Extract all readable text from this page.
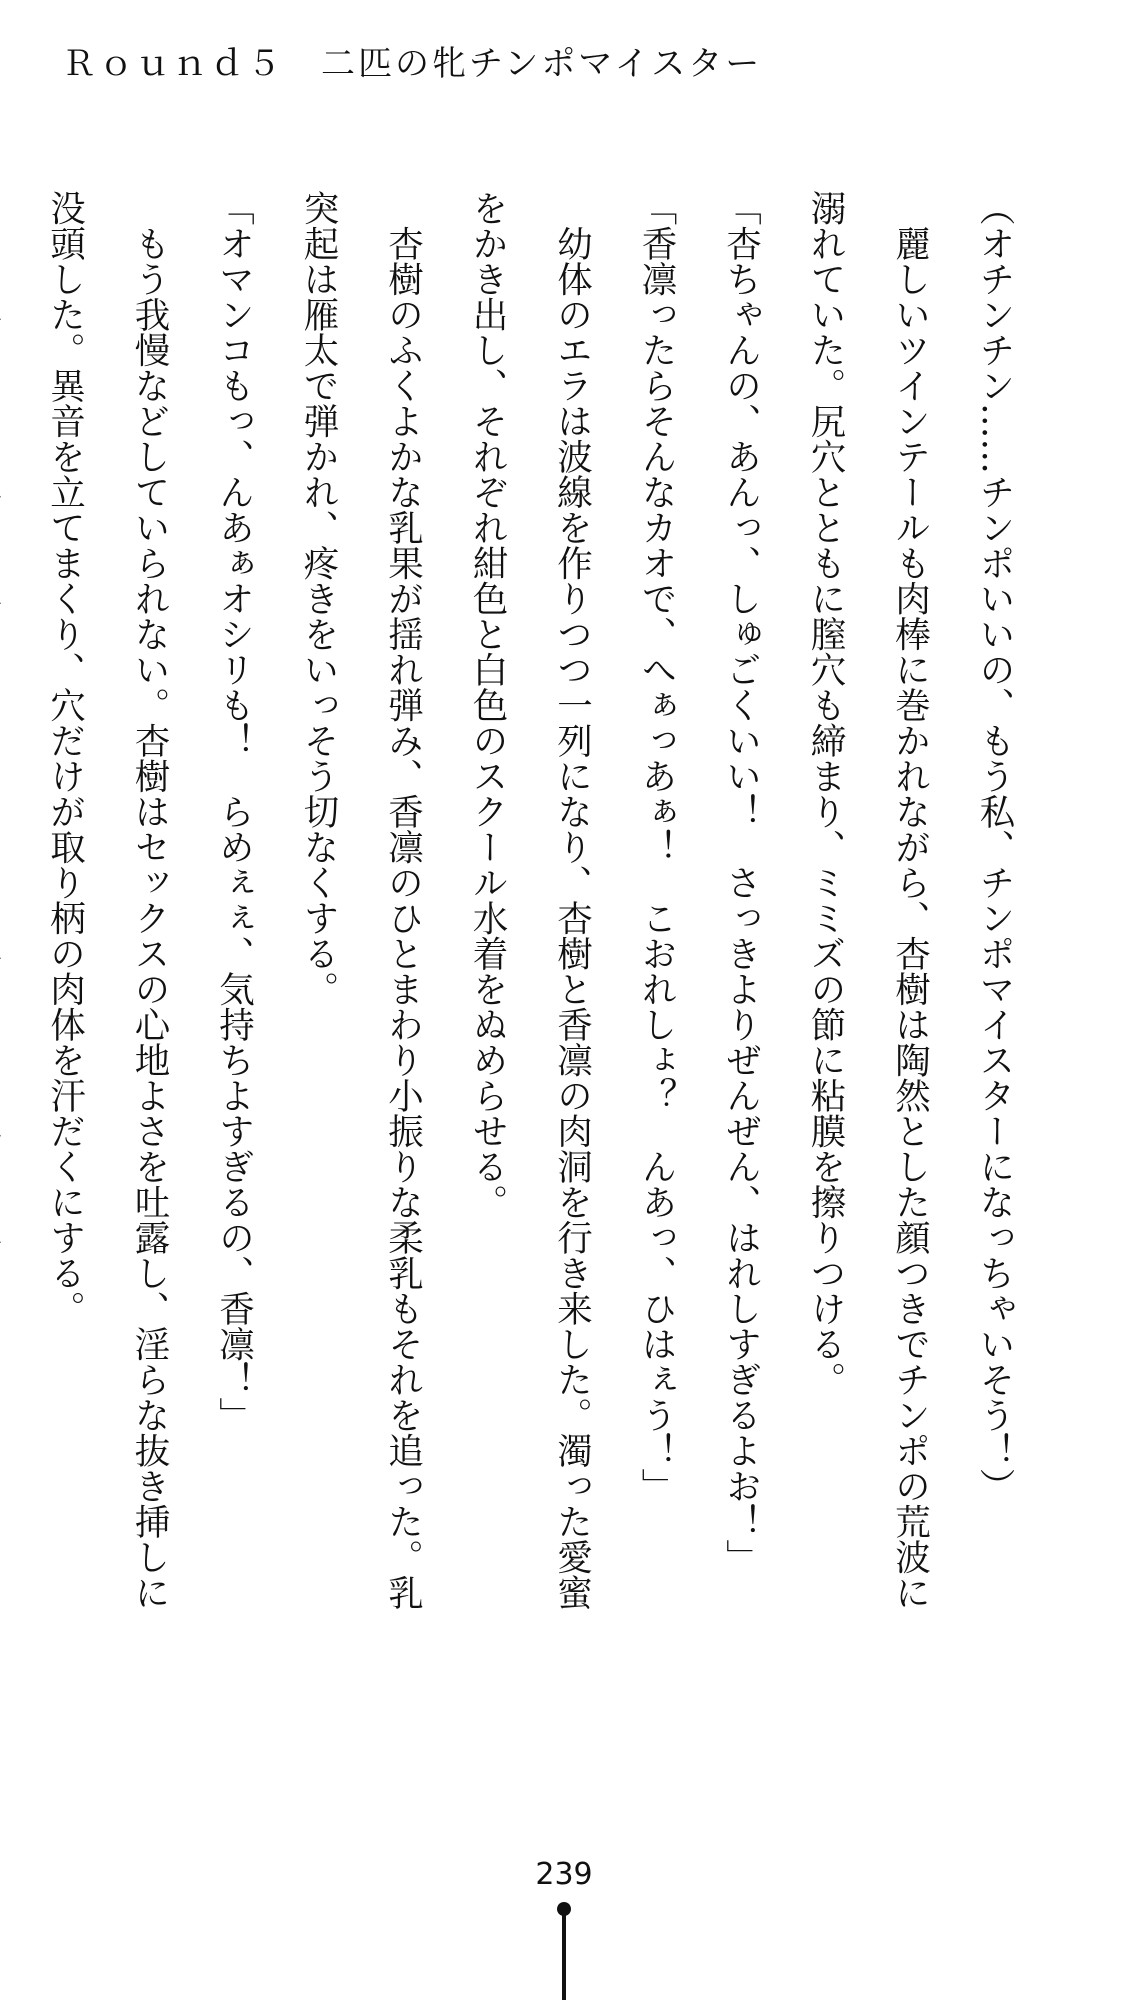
Ｒｏｕｎｄ５　二匹の牝チンポマイスター
（オチンチン……チンポいいの、もう私、チンポマイスターになっちゃいそう！）
　麗しいツインテールも肉棒に巻かれながら、杏樹は陶然とした顔つきでチンポの荒波に
溺れていた。尻穴とともに膣穴も締まり、ミミズの節に粘膜を擦りつける。
「杏ちゃんの、あんっ、しゅごくいい！　さっきよりぜんぜん、はれしすぎるよお！」
「香凛ったらそんなカオで、へぁっあぁ！　こおれしょ？　んあっ、ひはぇう！」
　幼体のエラは波線を作りつつ一列になり、杏樹と香凛の肉洞を行き来した。濁った愛蜜
をかき出し、それぞれ紺色と白色のスクール水着をぬめらせる。
　杏樹のふくよかな乳果が揺れ弾み、香凛のひとまわり小振りな柔乳もそれを追った。乳
突起は雁太で弾かれ、疼きをいっそう切なくする。
「オマンコもっ、んあぁオシリも！　らめぇぇ、気持ちよすぎるの、香凛！」
　もう我慢などしていられない。杏樹はセックスの心地よさを吐露し、淫らな抜き挿しに
没頭した。異音を立てまくり、穴だけが取り柄の肉体を汗だくにする。
239
